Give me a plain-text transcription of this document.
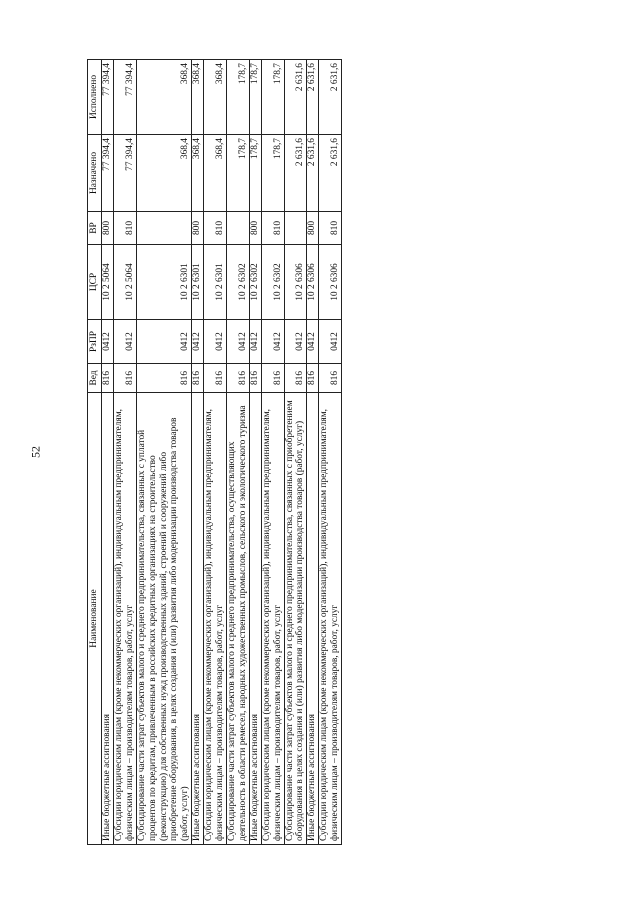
52
Наименование	Вед	РзПР	ЦСР	ВР	Назначено	Исполнено
Иные бюджетные ассигнования	816	0412	10 2 5064	800	77 394,4	77 394,4
Субсидии юридическим лицам (кроме некоммерческих организаций), индивидуальным предпринимателям, физическим лицам – производителям товаров, работ, услуг	816	0412	10 2 5064	810	77 394,4	77 394,4
Субсидирование части затрат субъектов малого и среднего предпринимательства, связанных с уплатой процентов по кредитам, привлеченным в российских кредитных организациях на строительство (реконструкцию) для собственных нужд производственных зданий, строений и сооружений либо приобретение оборудования, в целях создания и (или) развития либо модернизации производства товаров (работ, услуг)	816	0412	10 2 6301		368,4	368,4
Иные бюджетные ассигнования	816	0412	10 2 6301	800	368,4	368,4
Субсидии юридическим лицам (кроме некоммерческих организаций), индивидуальным предпринимателям, физическим лицам – производителям товаров, работ, услуг	816	0412	10 2 6301	810	368,4	368,4
Субсидирование части затрат субъектов малого и среднего предпринимательства, осуществляющих деятельность в области ремесел, народных художественных промыслов, сельского и экологического туризма	816	0412	10 2 6302		178,7	178,7
Иные бюджетные ассигнования	816	0412	10 2 6302	800	178,7	178,7
Субсидии юридическим лицам (кроме некоммерческих организаций), индивидуальным предпринимателям, физическим лицам – производителям товаров, работ, услуг	816	0412	10 2 6302	810	178,7	178,7
Субсидирование части затрат субъектов малого и среднего предпринимательства, связанных с приобретением оборудования в целях создания и (или) развития либо модернизации производства товаров (работ, услуг)	816	0412	10 2 6306		2 631,6	2 631,6
Иные бюджетные ассигнования	816	0412	10 2 6306	800	2 631,6	2 631,6
Субсидии юридическим лицам (кроме некоммерческих организаций), индивидуальным предпринимателям, физическим лицам – производителям товаров, работ, услуг	816	0412	10 2 6306	810	2 631,6	2 631,6
